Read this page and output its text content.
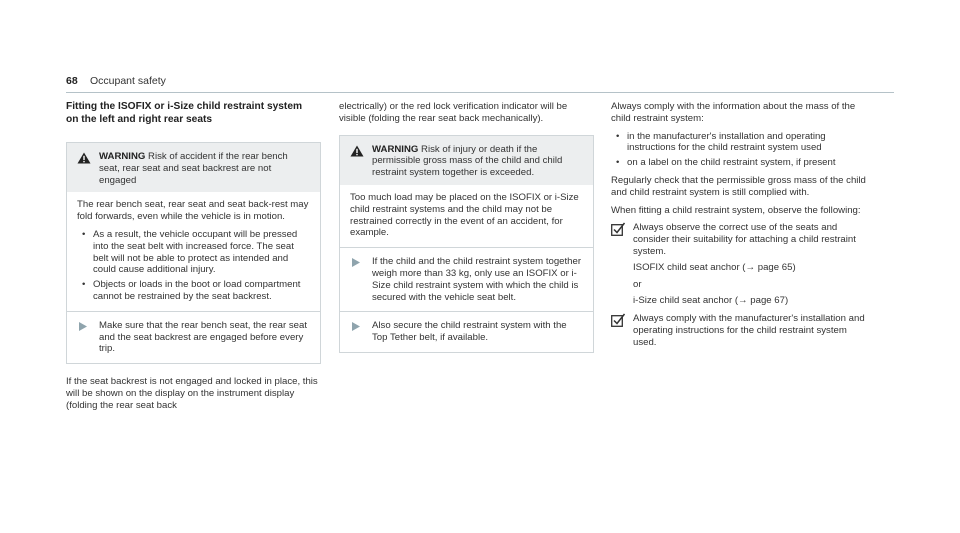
68 Occupant safety
Fitting the ISOFIX or i-Size child restraint system
on the left and right rear seats
WARNING Risk of accident if the rear bench seat, rear seat and seat backrest are not engaged

The rear bench seat, rear seat and seat back-rest may fold forwards, even while the vehicle is in motion.

• As a result, the vehicle occupant will be pressed into the seat belt with increased force. The seat belt will not be able to protect as intended and could cause additional injury.
• Objects or loads in the boot or load compartment cannot be restrained by the seat backrest.
Make sure that the rear bench seat, the rear seat and the seat backrest are engaged before every trip.

If the seat backrest is not engaged and locked in place, this will be shown on the display on the instrument display (folding the rear seat back

electrically) or the red lock verification indicator will be visible (folding the rear seat back mechanically).

WARNING Risk of injury or death if the permissible gross mass of the child and child restraint system together is exceeded.

Too much load may be placed on the ISOFIX or i-Size child restraint systems and the child may not be restrained correctly in the event of an accident, for example.

If the child and the child restraint system together weigh more than 33 kg, only use an ISOFIX or i-Size child restraint system with which the child is secured with the vehicle seat belt.
Also secure the child restraint system with the Top Tether belt, if available.

Always comply with the information about the mass of the child restraint system:

• in the manufacturer's installation and operating instructions for the child restraint system used
• on a label on the child restraint system, if present

Regularly check that the permissible gross mass of the child and child restraint system is still complied with.

When fitting a child restraint system, observe the following:

Always observe the correct use of the seats and consider their suitability for attaching a child restraint system.
ISOFIX child seat anchor (→ page 65)
or
i-Size child seat anchor (→ page 67)
Always comply with the manufacturer's installation and operating instructions for the child restraint system used.
